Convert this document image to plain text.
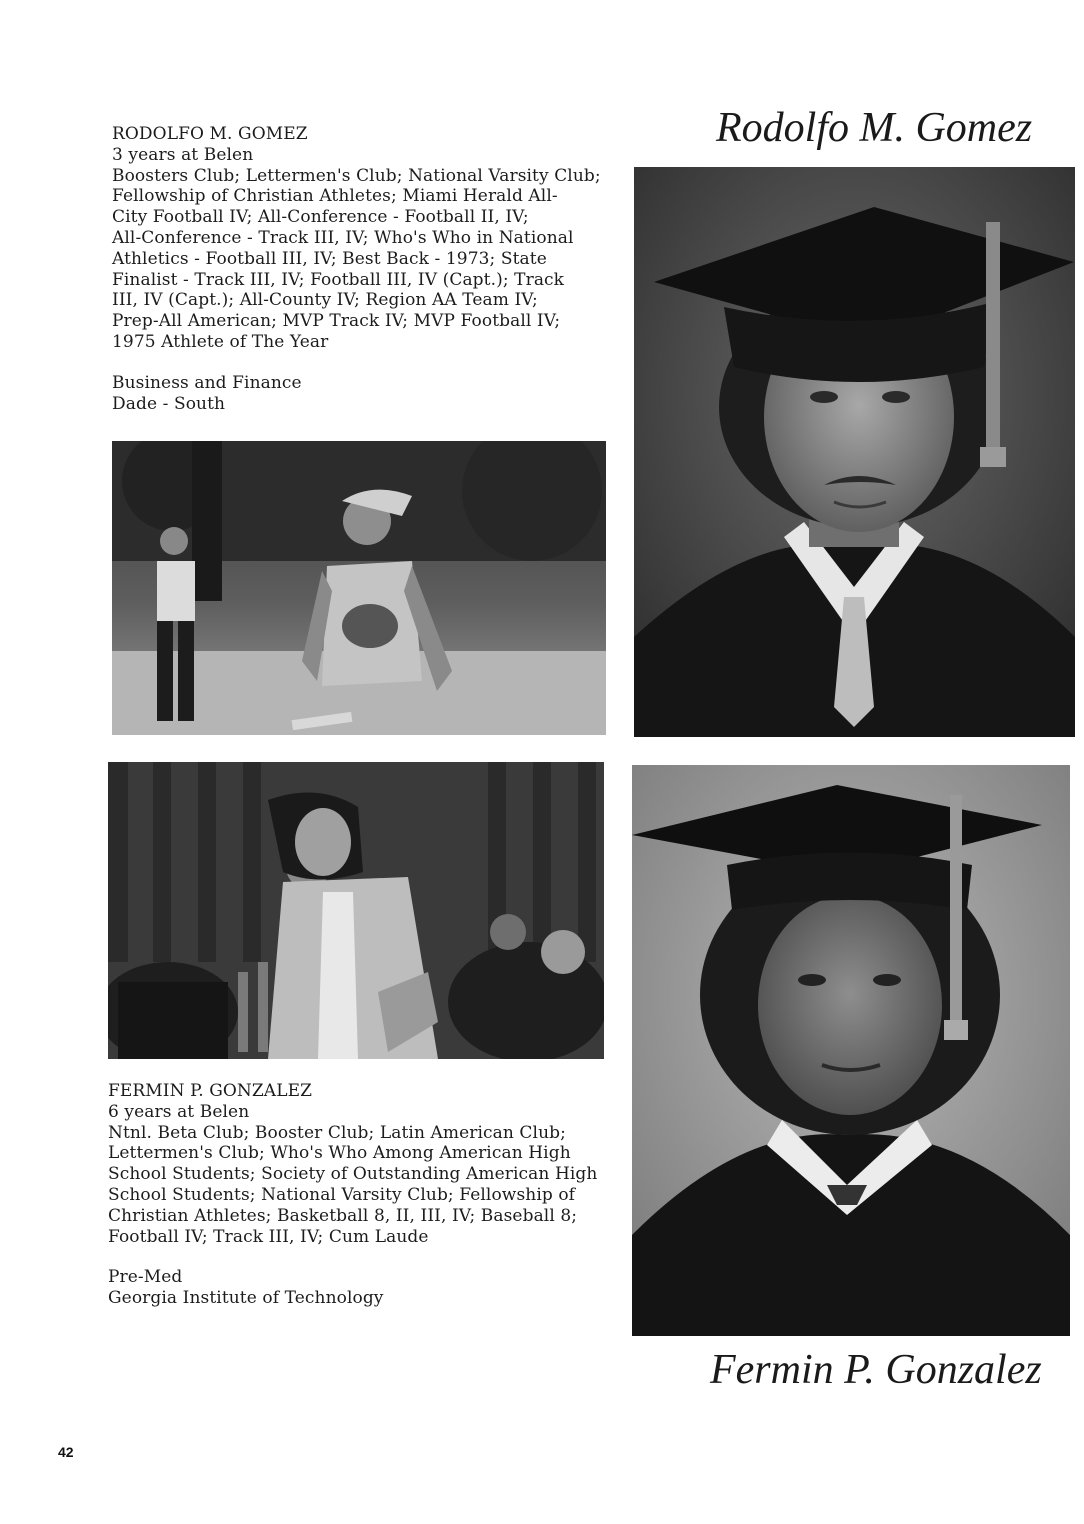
RODOLFO M. GOMEZ
3 years at Belen
Boosters Club; Lettermen's Club; National Varsity Club;
Fellowship of Christian Athletes; Miami Herald All-
City Football IV; All-Conference - Football II, IV;
All-Conference - Track III, IV; Who's Who in National
Athletics - Football III, IV; Best Back - 1973; State
Finalist - Track III, IV; Football III, IV (Capt.); Track
III, IV (Capt.); All-County IV; Region AA Team IV;
Prep-All American; MVP Track IV; MVP Football IV;
1975 Athlete of The Year
Business and Finance
Dade - South
Rodolfo M. Gomez
FERMIN P. GONZALEZ
6 years at Belen
Ntnl. Beta Club; Booster Club; Latin American Club;
Lettermen's Club; Who's Who Among American High
School Students; Society of Outstanding American High
School Students; National Varsity Club; Fellowship of
Christian Athletes; Basketball 8, II, III, IV; Baseball 8;
Football IV; Track III, IV; Cum Laude
Pre-Med
Georgia Institute of Technology
Fermin P. Gonzalez
42
